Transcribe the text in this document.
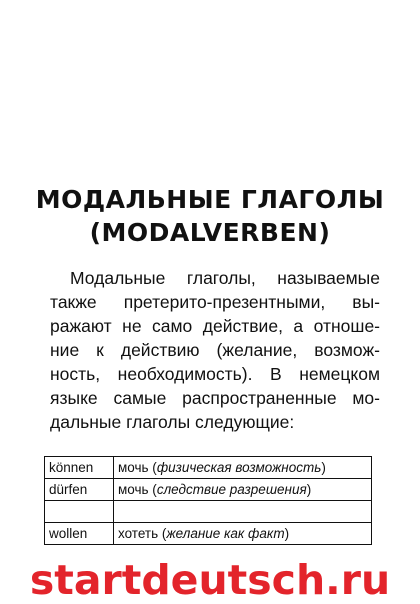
МОДАЛЬНЫЕ ГЛАГОЛЫ
(MODALVERBEN)
Модальные глаголы, называемые
также претерито-презентными, вы-
ражают не само действие, а отноше-
ние к действию (желание, возмож-
ность, необходимость). В немецком
языке самые распространенные мо-
дальные глаголы следующие:
können	мочь (физическая возможность)
dürfen	мочь (следствие разрешения)

wollen	хотеть (желание как факт)
startdeutsch.ru
